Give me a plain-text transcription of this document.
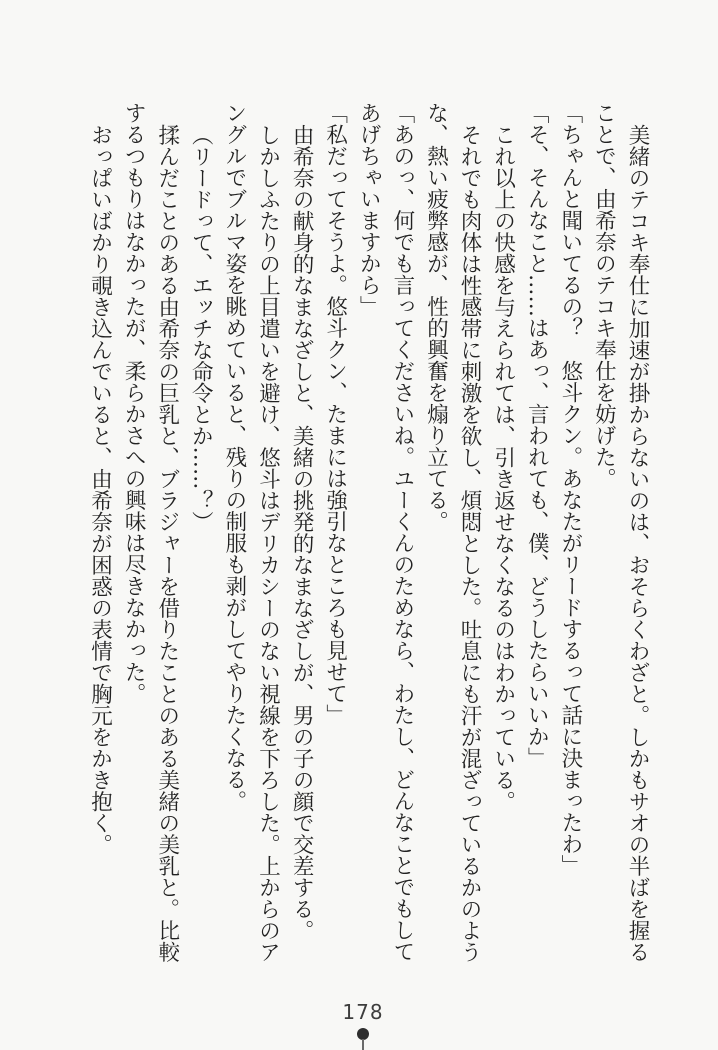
美緒のテコキ奉仕に加速が掛からないのは、おそらくわざと。しかもサオの半ばを握ることで、由希奈のテコキ奉仕を妨げた。

「ちゃんと聞いてるの？　悠斗クン。あなたがリードするって話に決まったわ」

「そ、そんなこと……はあっ、言われても、僕、どうしたらいいか」

これ以上の快感を与えられては、引き返せなくなるのはわかっている。

それでも肉体は性感帯に刺激を欲し、煩悶とした。吐息にも汗が混ざっているかのような、熱い疲弊感が、性的興奮を煽り立てる。

「あのっ、何でも言ってくださいね。ユーくんのためなら、わたし、どんなことでもしてあげちゃいますから」

「私だってそうよ。悠斗クン、たまには強引なところも見せて」

由希奈の献身的なまなざしと、美緒の挑発的なまなざしが、男の子の顔で交差する。

しかしふたりの上目遣いを避け、悠斗はデリカシーのない視線を下ろした。上からのアングルでブルマ姿を眺めていると、残りの制服も剥がしてやりたくなる。

（リードって、エッチな命令とか……？）

揉んだことのある由希奈の巨乳と、ブラジャーを借りたことのある美緒の美乳と。比較するつもりはなかったが、柔らかさへの興味は尽きなかった。

おっぱいばかり覗き込んでいると、由希奈が困惑の表情で胸元をかき抱く。

178
